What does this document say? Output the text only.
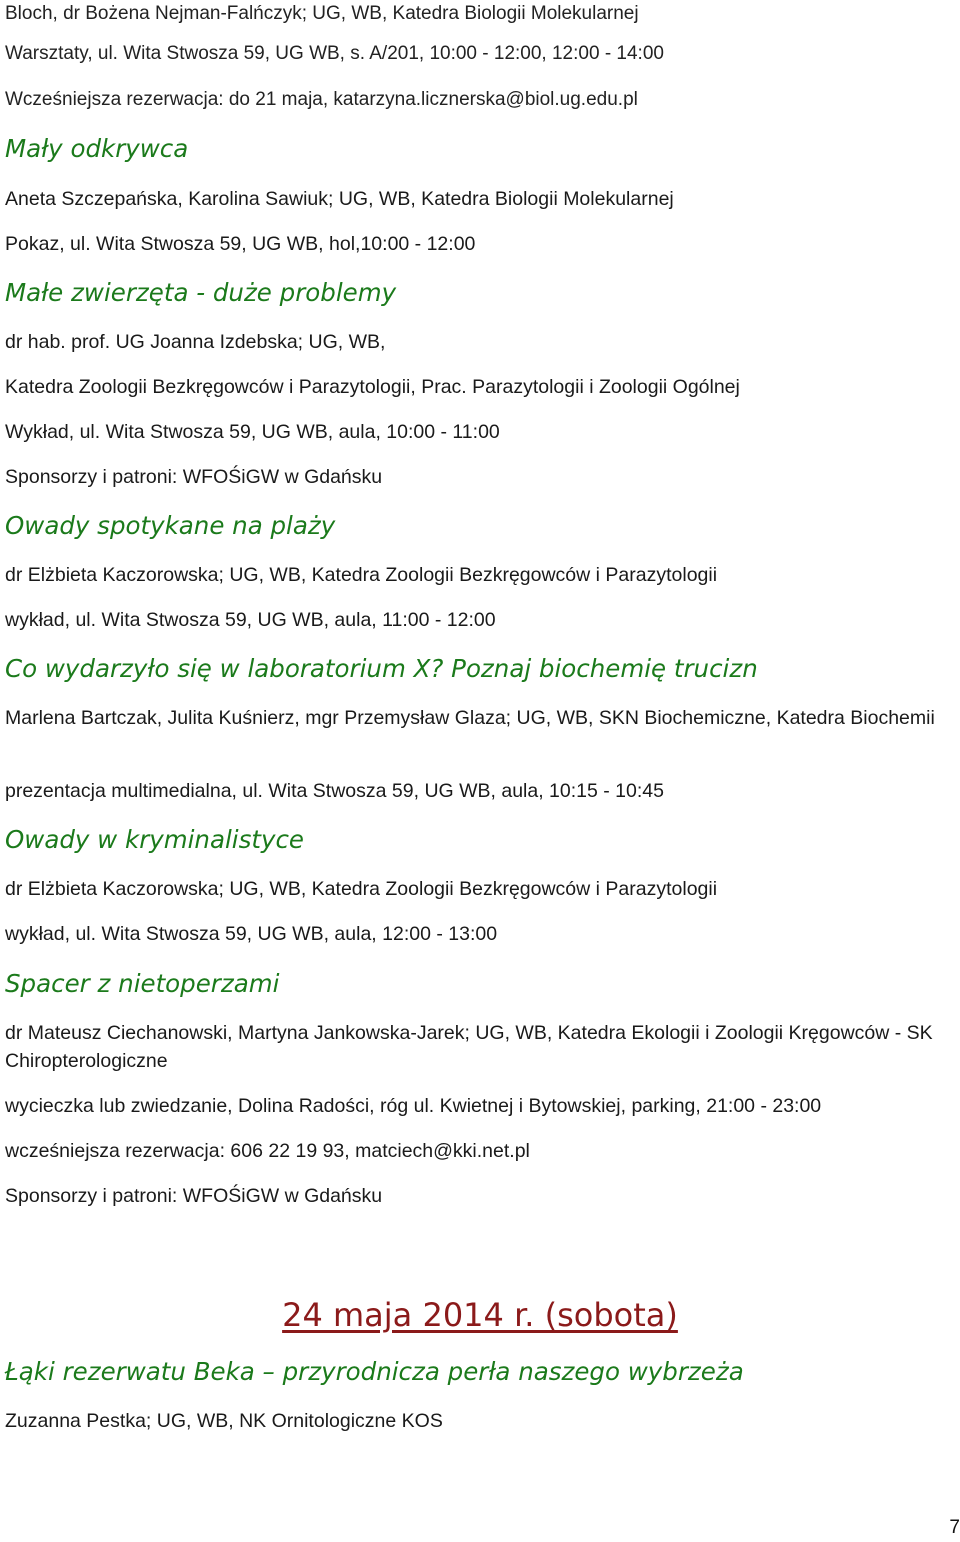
Bloch, dr Bożena Nejman-Falńczyk; UG, WB, Katedra Biologii Molekularnej
Warsztaty, ul. Wita Stwosza 59, UG WB, s. A/201, 10:00 - 12:00, 12:00 - 14:00
Wcześniejsza rezerwacja: do 21 maja, katarzyna.licznerska@biol.ug.edu.pl
Mały odkrywca
Aneta Szczepańska, Karolina Sawiuk; UG, WB, Katedra Biologii Molekularnej
Pokaz, ul. Wita Stwosza 59, UG WB, hol,10:00 - 12:00
Małe zwierzęta - duże problemy
dr hab. prof. UG Joanna Izdebska; UG, WB,
Katedra Zoologii Bezkręgowców i Parazytologii, Prac. Parazytologii i Zoologii Ogólnej
Wykład, ul. Wita Stwosza 59, UG WB, aula, 10:00 - 11:00
Sponsorzy i patroni: WFOŚiGW w Gdańsku
Owady spotykane na plaży
dr Elżbieta Kaczorowska; UG, WB, Katedra Zoologii Bezkręgowców i Parazytologii
wykład, ul. Wita Stwosza 59, UG WB, aula, 11:00 - 12:00
Co wydarzyło się w laboratorium X? Poznaj biochemię trucizn
Marlena Bartczak, Julita Kuśnierz, mgr Przemysław Glaza; UG, WB, SKN Biochemiczne, Katedra Biochemii
prezentacja multimedialna, ul. Wita Stwosza 59, UG WB, aula, 10:15 - 10:45
Owady w kryminalistyce
dr Elżbieta Kaczorowska; UG, WB, Katedra Zoologii Bezkręgowców i Parazytologii
wykład, ul. Wita Stwosza 59, UG WB, aula, 12:00 - 13:00
Spacer z nietoperzami
dr Mateusz Ciechanowski, Martyna Jankowska-Jarek; UG, WB, Katedra Ekologii i Zoologii Kręgowców - SK Chiropterologiczne
wycieczka lub zwiedzanie, Dolina Radości, róg ul. Kwietnej i Bytowskiej, parking, 21:00 - 23:00
wcześniejsza rezerwacja: 606 22 19 93, matciech@kki.net.pl
Sponsorzy i patroni: WFOŚiGW w Gdańsku
24 maja 2014 r. (sobota)
Łąki rezerwatu Beka – przyrodnicza perła naszego wybrzeża
Zuzanna Pestka; UG, WB, NK Ornitologiczne KOS
7
